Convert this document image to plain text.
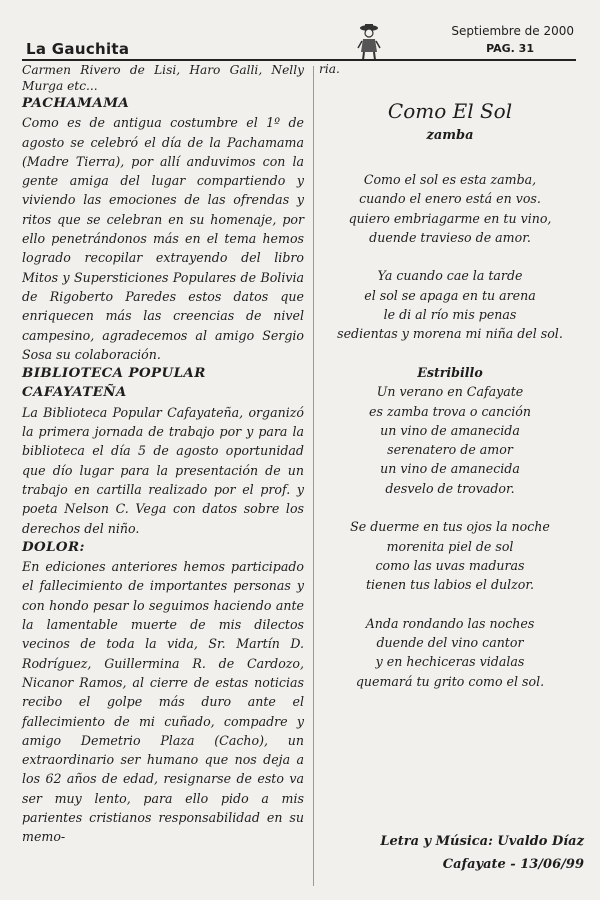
La Gauchita
Septiembre de 2000
PAG. 31

Carmen Rivero de Lisi, Haro Galli, Nelly Murga etc...

PACHAMAMA

Como es de antigua costumbre el 1º de agosto se celebró el día de la Pachamama (Madre Tierra), por allí anduvimos con la gente amiga del lugar compartiendo y viviendo las emociones de las ofrendas y ritos que se celebran en su homenaje, por ello penetrándonos más en el tema hemos logrado recopilar extrayendo del libro Mitos y Supersticiones Populares de Bolivia de Rigoberto Paredes estos datos que enriquecen más las creencias de nivel campesino, agradecemos al amigo Sergio Sosa su colaboración.

BIBLIOTECA POPULAR CAFAYATEÑA

La Biblioteca Popular Cafayateña, organizó la primera jornada de trabajo por y para la biblioteca el día 5 de agosto oportunidad que dío lugar para la presentación de un trabajo en cartilla realizado por el prof. y poeta Nelson C. Vega con datos sobre los derechos del niño.

DOLOR:

En ediciones anteriores hemos participado el fallecimiento de importantes personas y con hondo pesar lo seguimos haciendo ante la lamentable muerte de mis dilectos vecinos de toda la vida, Sr. Martín D. Rodríguez, Guillermina R. de Cardozo, Nicanor Ramos, al cierre de estas noticias recibo el golpe más duro ante el fallecimiento de mi cuñado, compadre y amigo Demetrio Plaza (Cacho), un extraordinario ser humano que nos deja a los 62 años de edad, resignarse de esto va ser muy lento, para ello pido a mis parientes cristianos responsabilidad en su memo-

ria.
Como El Sol
zamba
Como el sol es esta zamba,
cuando el enero está en vos.
quiero embriagarme en tu vino,
duende travieso de amor.
Ya cuando cae la tarde
el sol se apaga en tu arena
le di al río mis penas
sedientas y morena mi niña del sol.
Estribillo
Un verano en Cafayate
es zamba trova o canción
un vino de amanecida
serenatero de amor
un vino de amanecida
desvelo de trovador.
Se duerme en tus ojos la noche
morenita piel de sol
como las uvas maduras
tienen tus labios el dulzor.
Anda rondando las noches
duende del vino cantor
y en hechiceras vidalas
quemará tu grito como el sol.
Letra y Música: Uvaldo Díaz
Cafayate - 13/06/99
